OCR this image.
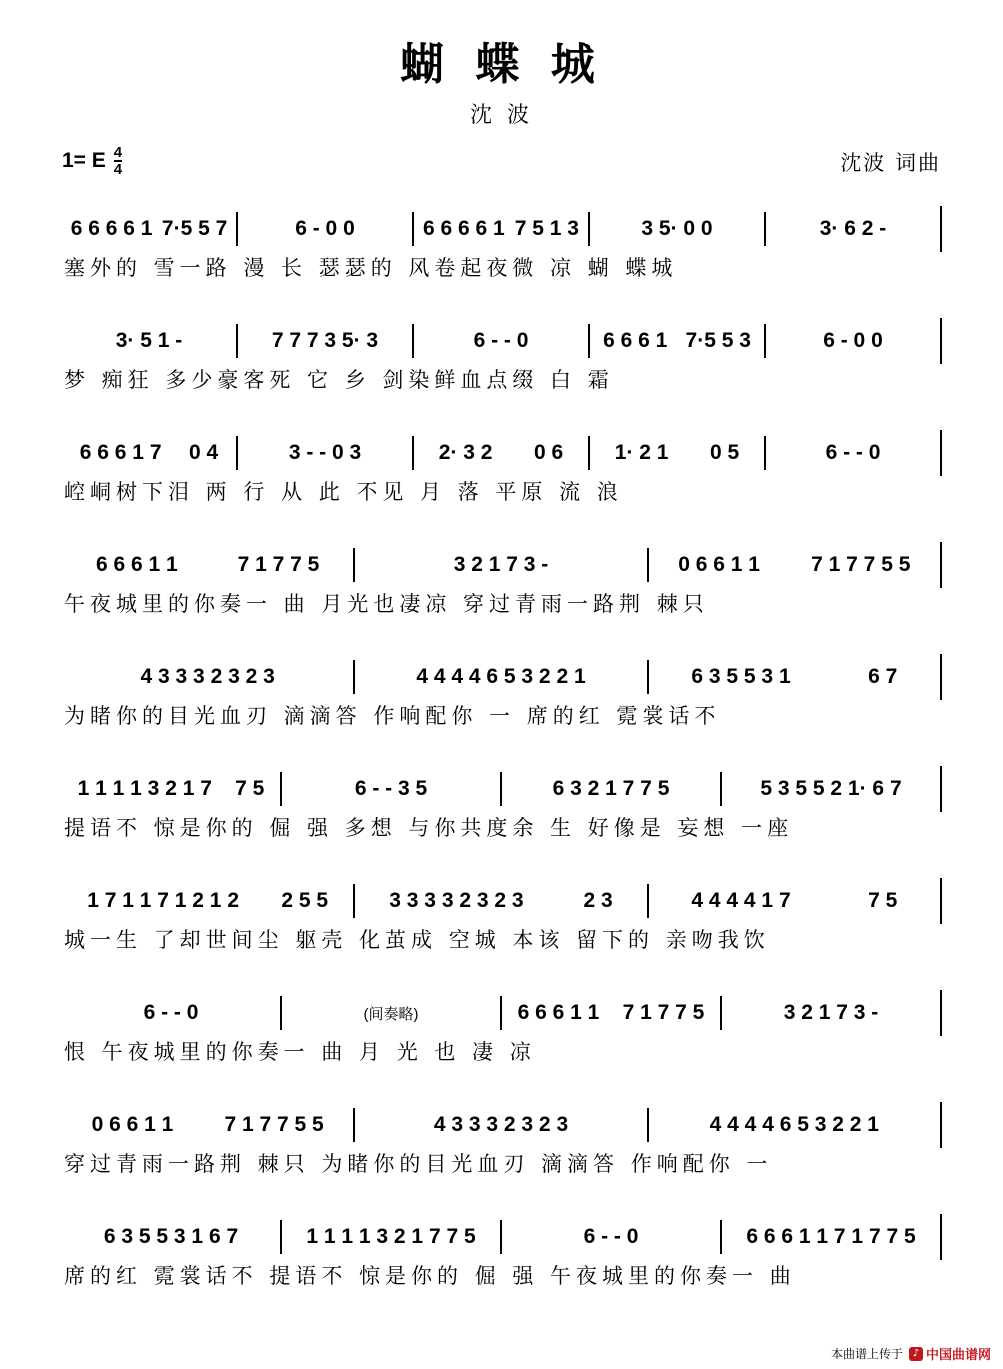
蝴 蝶 城
沈 波
1= E $\frac{4}{4}$	沈波 词曲
6 6 6 6 1 7·5 5 7	6 - 0 0	6 6 6 6 1 7 5 1 3	3 5· 0 0	3· 6 2 -
塞外的 雪一路 漫 长 瑟瑟的 风卷起夜微 凉 蝴 蝶城
3· 5 1 -	7 7 7 3 5· 3	6 - - 0	6 6 6 1 7·5 5 3	6 - 0 0
梦 痴狂 多少豪客死 它 乡 剑染鲜血点缀 白 霜
6 6 6 1 7 0 4	3 - - 0 3	2· 3 2 0 6 1· 2 1 0 5	6 - - 0
崆峒树下泪 两 行 从 此 不见 月 落 平原 流 浪
6 6 6 1 1	7 1 7 7 5	3 2 1 7 3 -	0 6 6 1 1 7 1 7 7 5 5
午夜城里的你奏一 曲 月光也凄凉 穿过青雨一路荆 棘只
4 3 3 3 2 3 2 3	4 4 4 4 6 5 3 2 2 1	6 3 5 5 3 1	6 7
为睹你的目光血刃 滴滴答 作响配你 一 席的红 霓裳话不
1 1 1 1 3 2 1 7 7 5	6 - - 3 5	6 3 2 1 7 7 5	5 3 5 5 2 1· 6 7
提语不 惊是你的 倔 强 多想 与你共度余 生 好像是 妄想 一座
1 7 1 1 7 1 2 1 2 2 5 5	3 3 3 3 2 3 2 3	2 3	4 4 4 4 1 7	7 5
城一生 了却世间尘 躯壳 化茧成 空城 本该 留下的 亲吻我饮
6 - - 0	(间奏略)	6 6 6 1 1 7 1 7 7 5	3 2 1 7 3 -
恨 午夜城里的你奏一 曲 月 光 也 凄 凉
0 6 6 1 1 7 1 7 7 5 5	4 3 3 3 2 3 2 3	4 4 4 4 6 5 3 2 2 1
穿过青雨一路荆 棘只 为睹你的目光血刃 滴滴答 作响配你 一
6 3 5 5 3 1 6 7	1 1 1 1 3 2 1 7 7 5	6 - - 0	6 6 6 1 1 7 1 7 7 5
席的红 霓裳话不 提语不 惊是你的 倔 强 午夜城里的你奏一 曲
本曲谱上传于 ♪ 中国曲谱网
